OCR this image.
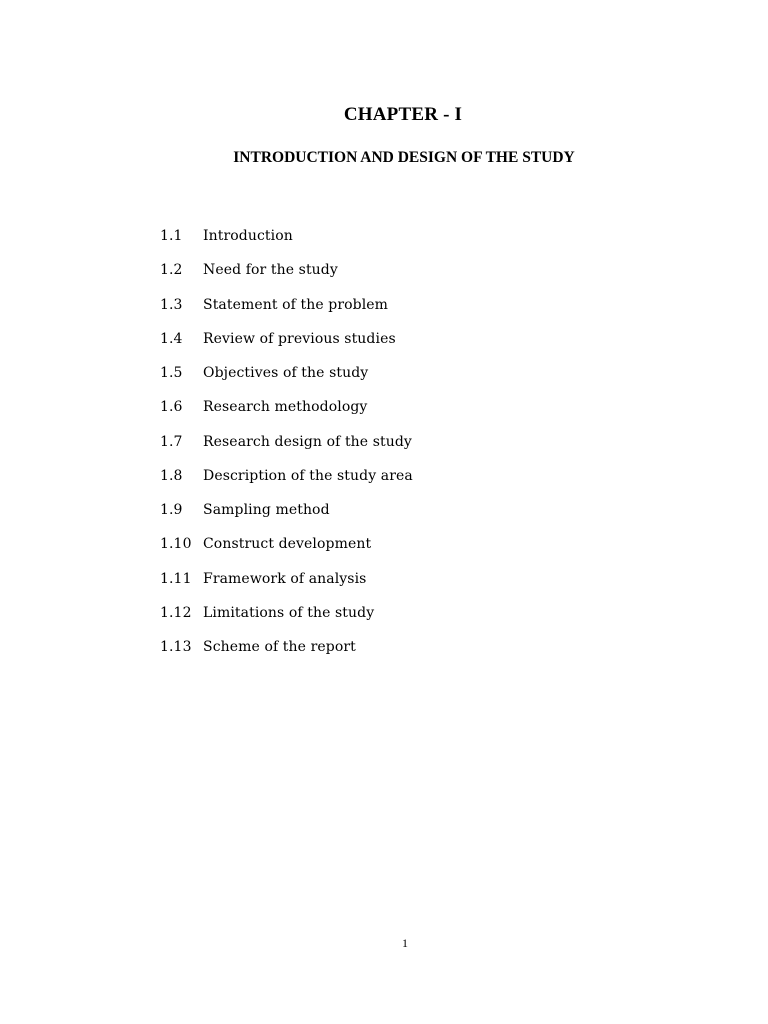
CHAPTER - I
INTRODUCTION AND DESIGN OF THE STUDY
1.1 Introduction
1.2 Need for the study
1.3 Statement of the problem
1.4 Review of previous studies
1.5 Objectives of the study
1.6 Research methodology
1.7 Research design of the study
1.8 Description of the study area
1.9 Sampling method
1.10 Construct development
1.11 Framework of analysis
1.12 Limitations of the study
1.13 Scheme of the report

1
